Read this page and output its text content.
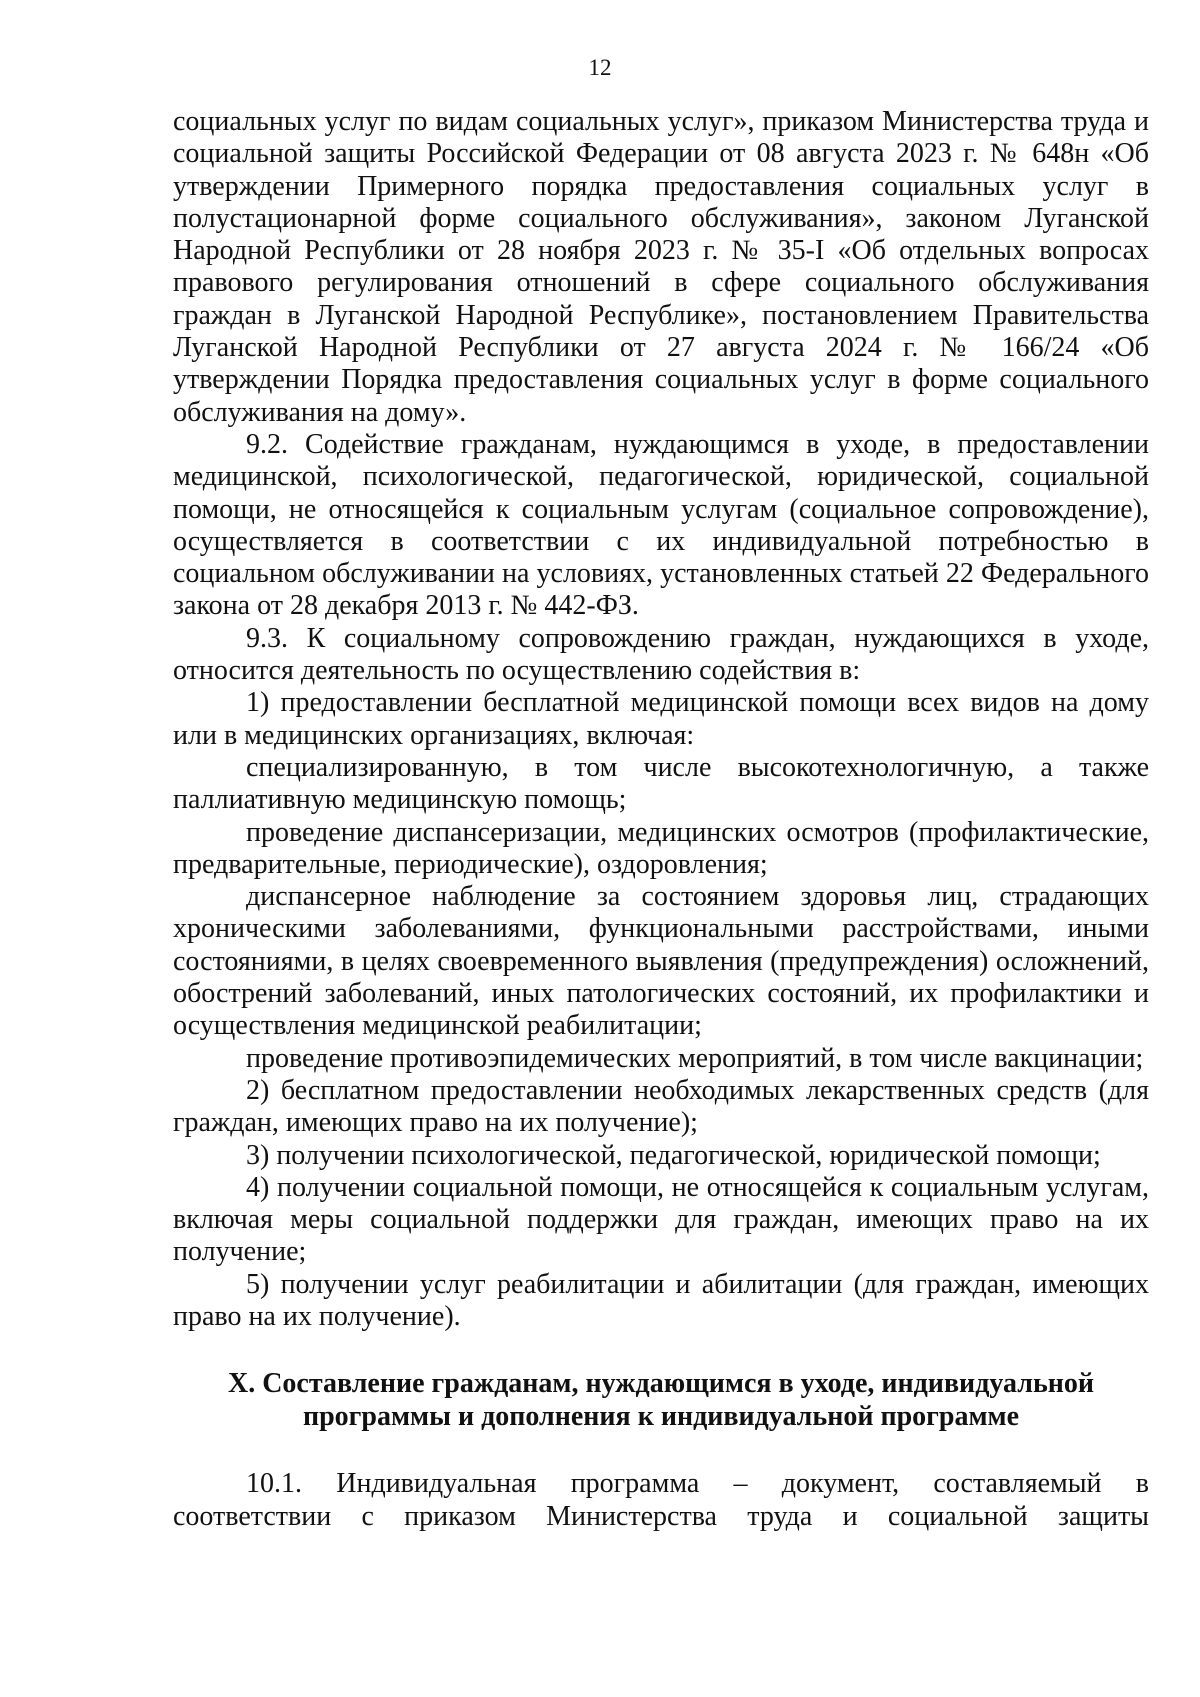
12

социальных услуг по видам социальных услуг», приказом Министерства труда и социальной защиты Российской Федерации от 08 августа 2023 г. № 648н «Об утверждении Примерного порядка предоставления социальных услуг в полустационарной форме социального обслуживания», законом Луганской Народной Республики от 28 ноября 2023 г. № 35-I «Об отдельных вопросах правового регулирования отношений в сфере социального обслуживания граждан в Луганской Народной Республике», постановлением Правительства Луганской Народной Республики от 27 августа 2024 г. № 166/24 «Об утверждении Порядка предоставления социальных услуг в форме социального обслуживания на дому».

9.2. Содействие гражданам, нуждающимся в уходе, в предоставлении медицинской, психологической, педагогической, юридической, социальной помощи, не относящейся к социальным услугам (социальное сопровождение), осуществляется в соответствии с их индивидуальной потребностью в социальном обслуживании на условиях, установленных статьей 22 Федерального закона от 28 декабря 2013 г. № 442-ФЗ.

9.3. К социальному сопровождению граждан, нуждающихся в уходе, относится деятельность по осуществлению содействия в:

1) предоставлении бесплатной медицинской помощи всех видов на дому или в медицинских организациях, включая:

специализированную, в том числе высокотехнологичную, а также паллиативную медицинскую помощь;

проведение диспансеризации, медицинских осмотров (профилактические, предварительные, периодические), оздоровления;

диспансерное наблюдение за состоянием здоровья лиц, страдающих хроническими заболеваниями, функциональными расстройствами, иными состояниями, в целях своевременного выявления (предупреждения) осложнений, обострений заболеваний, иных патологических состояний, их профилактики и осуществления медицинской реабилитации;

проведение противоэпидемических мероприятий, в том числе вакцинации;

2) бесплатном предоставлении необходимых лекарственных средств (для граждан, имеющих право на их получение);

3) получении психологической, педагогической, юридической помощи;

4) получении социальной помощи, не относящейся к социальным услугам, включая меры социальной поддержки для граждан, имеющих право на их получение;

5) получении услуг реабилитации и абилитации (для граждан, имеющих право на их получение).

X. Составление гражданам, нуждающимся в уходе, индивидуальной программы и дополнения к индивидуальной программе

10.1. Индивидуальная программа – документ, составляемый в соответствии с приказом Министерства труда и социальной защиты
